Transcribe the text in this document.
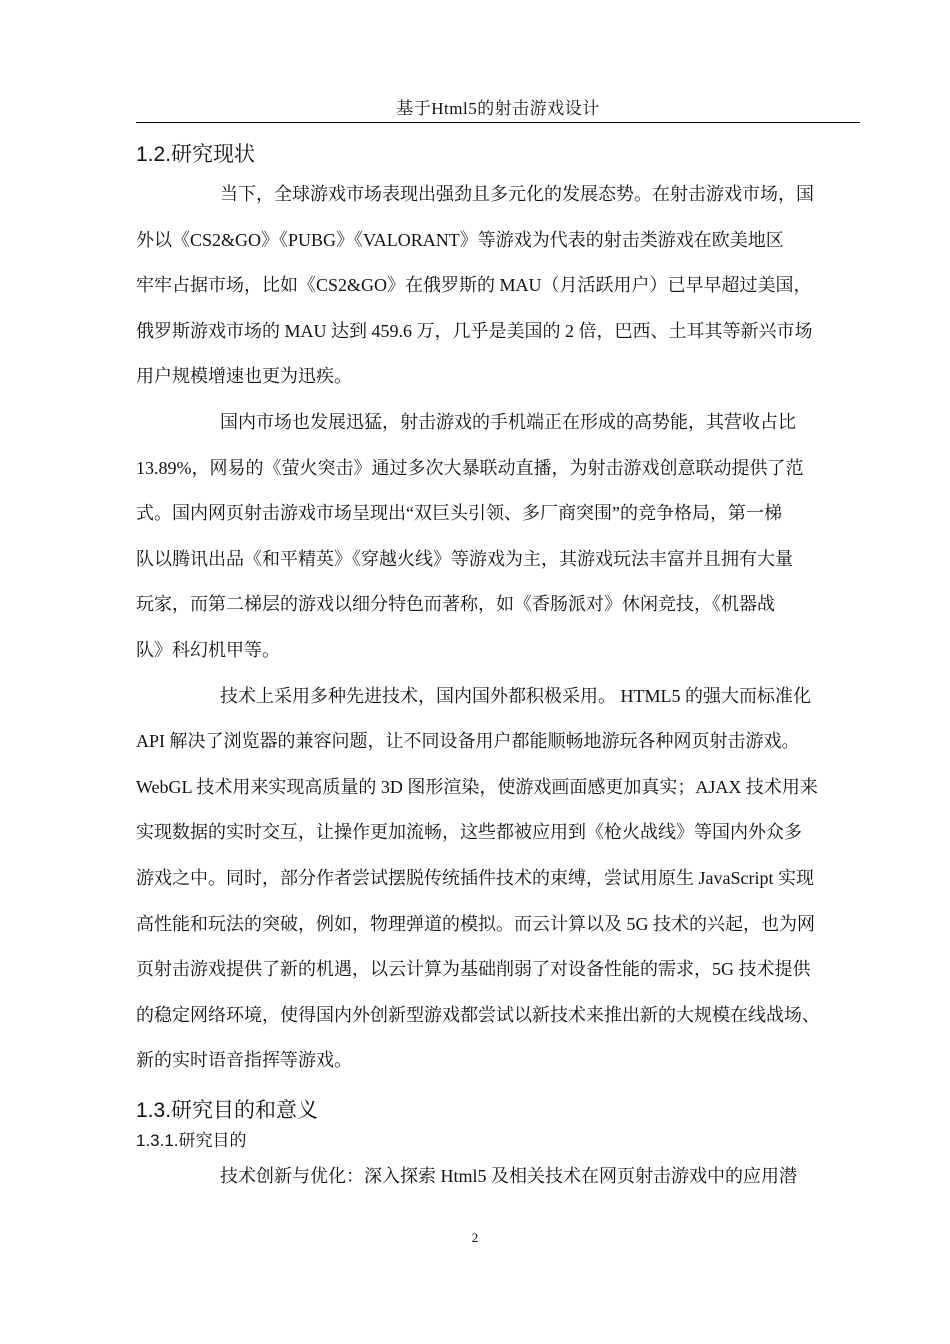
基于Html5的射击游戏设计
1.2.研究现状
当下，全球游戏市场表现出强劲且多元化的发展态势。在射击游戏市场，国
外以《CS2&GO》《PUBG》《VALORANT》等游戏为代表的射击类游戏在欧美地区
牢牢占据市场，比如《CS2&GO》在俄罗斯的 MAU（月活跃用户）已早早超过美国，
俄罗斯游戏市场的 MAU 达到 459.6 万，几乎是美国的 2 倍，巴西、土耳其等新兴市场
用户规模增速也更为迅疾。
国内市场也发展迅猛，射击游戏的手机端正在形成的高势能，其营收占比
13.89%，网易的《萤火突击》通过多次大暴联动直播，为射击游戏创意联动提供了范
式。国内网页射击游戏市场呈现出“双巨头引领、多厂商突围”的竞争格局，第一梯
队以腾讯出品《和平精英》《穿越火线》等游戏为主，其游戏玩法丰富并且拥有大量
玩家，而第二梯层的游戏以细分特色而著称，如《香肠派对》休闲竞技，《机器战
队》科幻机甲等。
技术上采用多种先进技术，国内国外都积极采用。 HTML5 的强大而标准化
API 解决了浏览器的兼容问题，让不同设备用户都能顺畅地游玩各种网页射击游戏。
WebGL 技术用来实现高质量的 3D 图形渲染，使游戏画面感更加真实；AJAX 技术用来
实现数据的实时交互，让操作更加流畅，这些都被应用到《枪火战线》等国内外众多
游戏之中。同时，部分作者尝试摆脱传统插件技术的束缚，尝试用原生 JavaScript 实现
高性能和玩法的突破，例如，物理弹道的模拟。而云计算以及 5G 技术的兴起，也为网
页射击游戏提供了新的机遇，以云计算为基础削弱了对设备性能的需求，5G 技术提供
的稳定网络环境，使得国内外创新型游戏都尝试以新技术来推出新的大规模在线战场、
新的实时语音指挥等游戏。
1.3.研究目的和意义
1.3.1.研究目的
技术创新与优化：深入探索 Html5 及相关技术在网页射击游戏中的应用潜
2
